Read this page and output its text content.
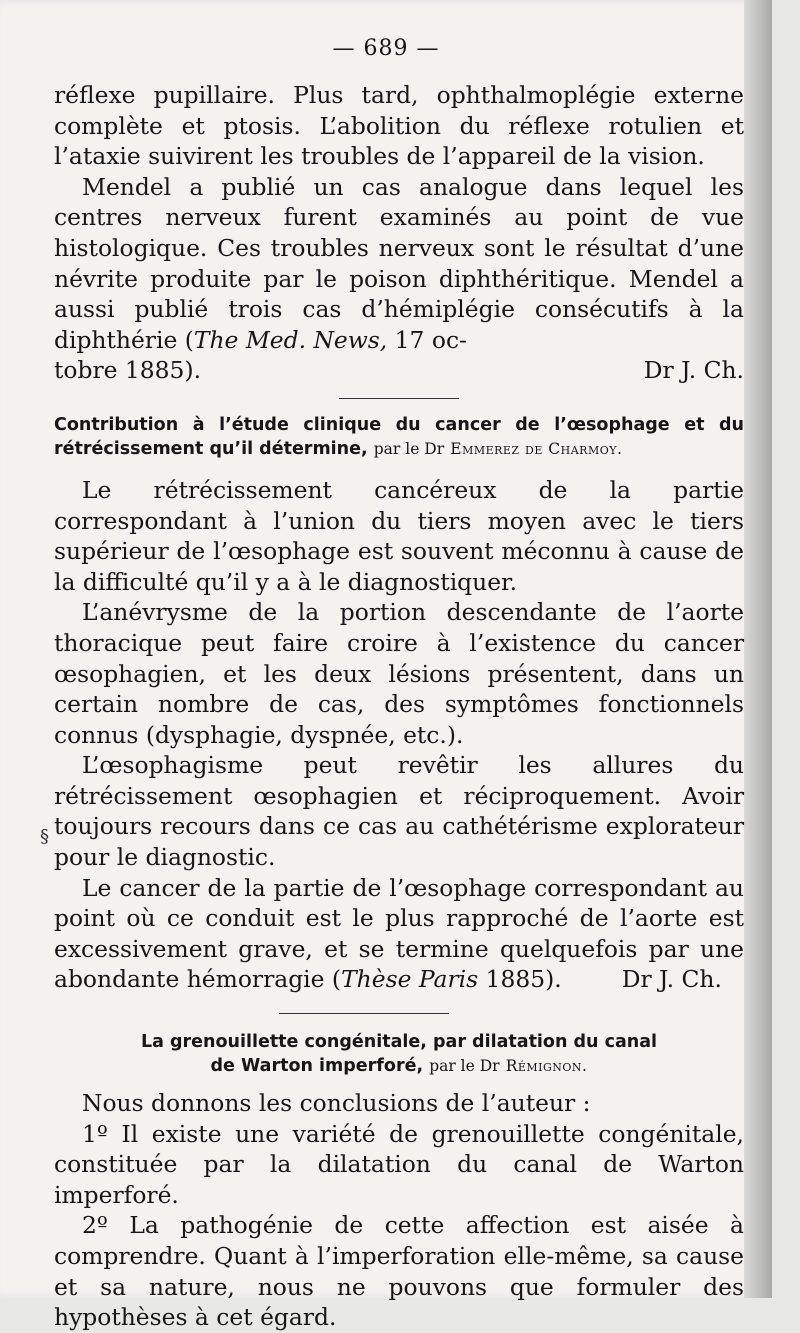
— 689 —

réflexe pupillaire. Plus tard, ophthalmoplégie externe complète et ptosis. L’abolition du réflexe rotulien et l’ataxie suivirent les troubles de l’appareil de la vision.

Mendel a publié un cas analogue dans lequel les centres nerveux furent examinés au point de vue histologique. Ces troubles nerveux sont le résultat d’une névrite produite par le poison diphthéritique. Mendel a aussi publié trois cas d’hémiplégie consécutifs à la diphthérie (The Med. News, 17 oc-

tobre 1885).	Dr J. Ch.
Contribution à l’étude clinique du cancer de l’œsophage et du rétrécissement qu’il détermine, par le Dr Emmerez de Charmoy.

Le rétrécissement cancéreux de la partie correspondant à l’union du tiers moyen avec le tiers supérieur de l’œsophage est souvent méconnu à cause de la difficulté qu’il y a à le diagnostiquer.

L’anévrysme de la portion descendante de l’aorte thoracique peut faire croire à l’existence du cancer œsophagien, et les deux lésions présentent, dans un certain nombre de cas, des symptômes fonctionnels connus (dysphagie, dyspnée, etc.).

L’œsophagisme peut revêtir les allures du rétrécissement œsophagien et réciproquement. Avoir toujours recours dans ce cas au cathétérisme explorateur pour le diagnostic.

Le cancer de la partie de l’œsophage correspondant au point où ce conduit est le plus rapproché de l’aorte est excessivement grave, et se termine quelquefois par une abondante hémorragie (Thèse Paris 1885).	Dr J. Ch.

La grenouillette congénitale, par dilatation du canal
de Warton imperforé, par le Dr Rémignon.

Nous donnons les conclusions de l’auteur :

1º Il existe une variété de grenouillette congénitale, constituée par la dilatation du canal de Warton imperforé.

2º La pathogénie de cette affection est aisée à comprendre. Quant à l’imperforation elle-même, sa cause et sa nature, nous ne pouvons que formuler des hypothèses à cet égard.

§
